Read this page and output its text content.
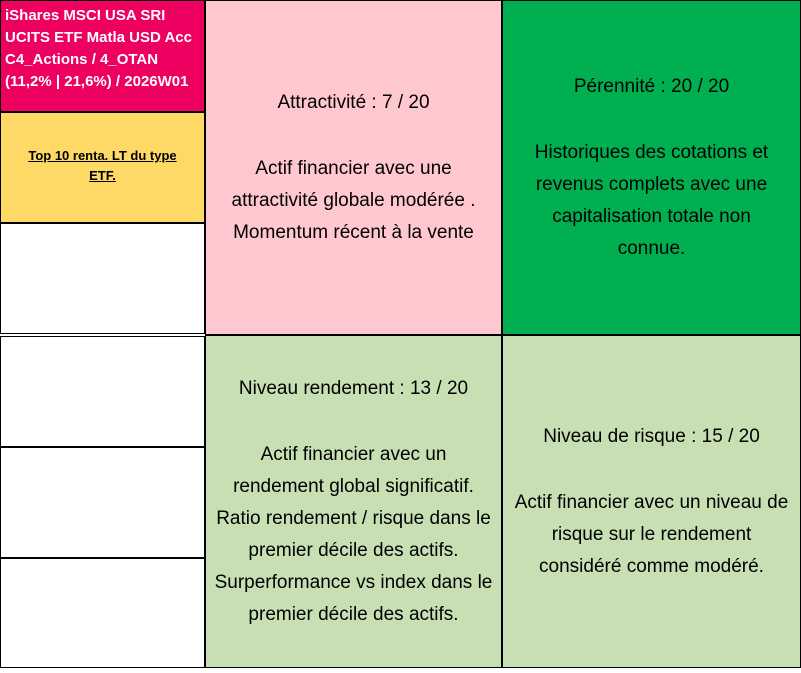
iShares MSCI USA SRI
UCITS ETF Matla USD Acc
C4_Actions / 4_OTAN
(11,2% | 21,6%) / 2026W01
Top 10 renta. LT du type
ETF.
Attractivité : 7 / 20
Actif financier avec une
attractivité globale modérée .
Momentum récent à la vente
Pérennité : 20 / 20
Historiques des cotations et
revenus complets avec une
capitalisation totale non
connue.
Niveau rendement : 13 / 20
Actif financier avec un
rendement global significatif.
Ratio rendement / risque dans le
premier décile des actifs.
Surperformance vs index dans le
premier décile des actifs.
Niveau de risque : 15 / 20
Actif financier avec un niveau de
risque sur le rendement
considéré comme modéré.
